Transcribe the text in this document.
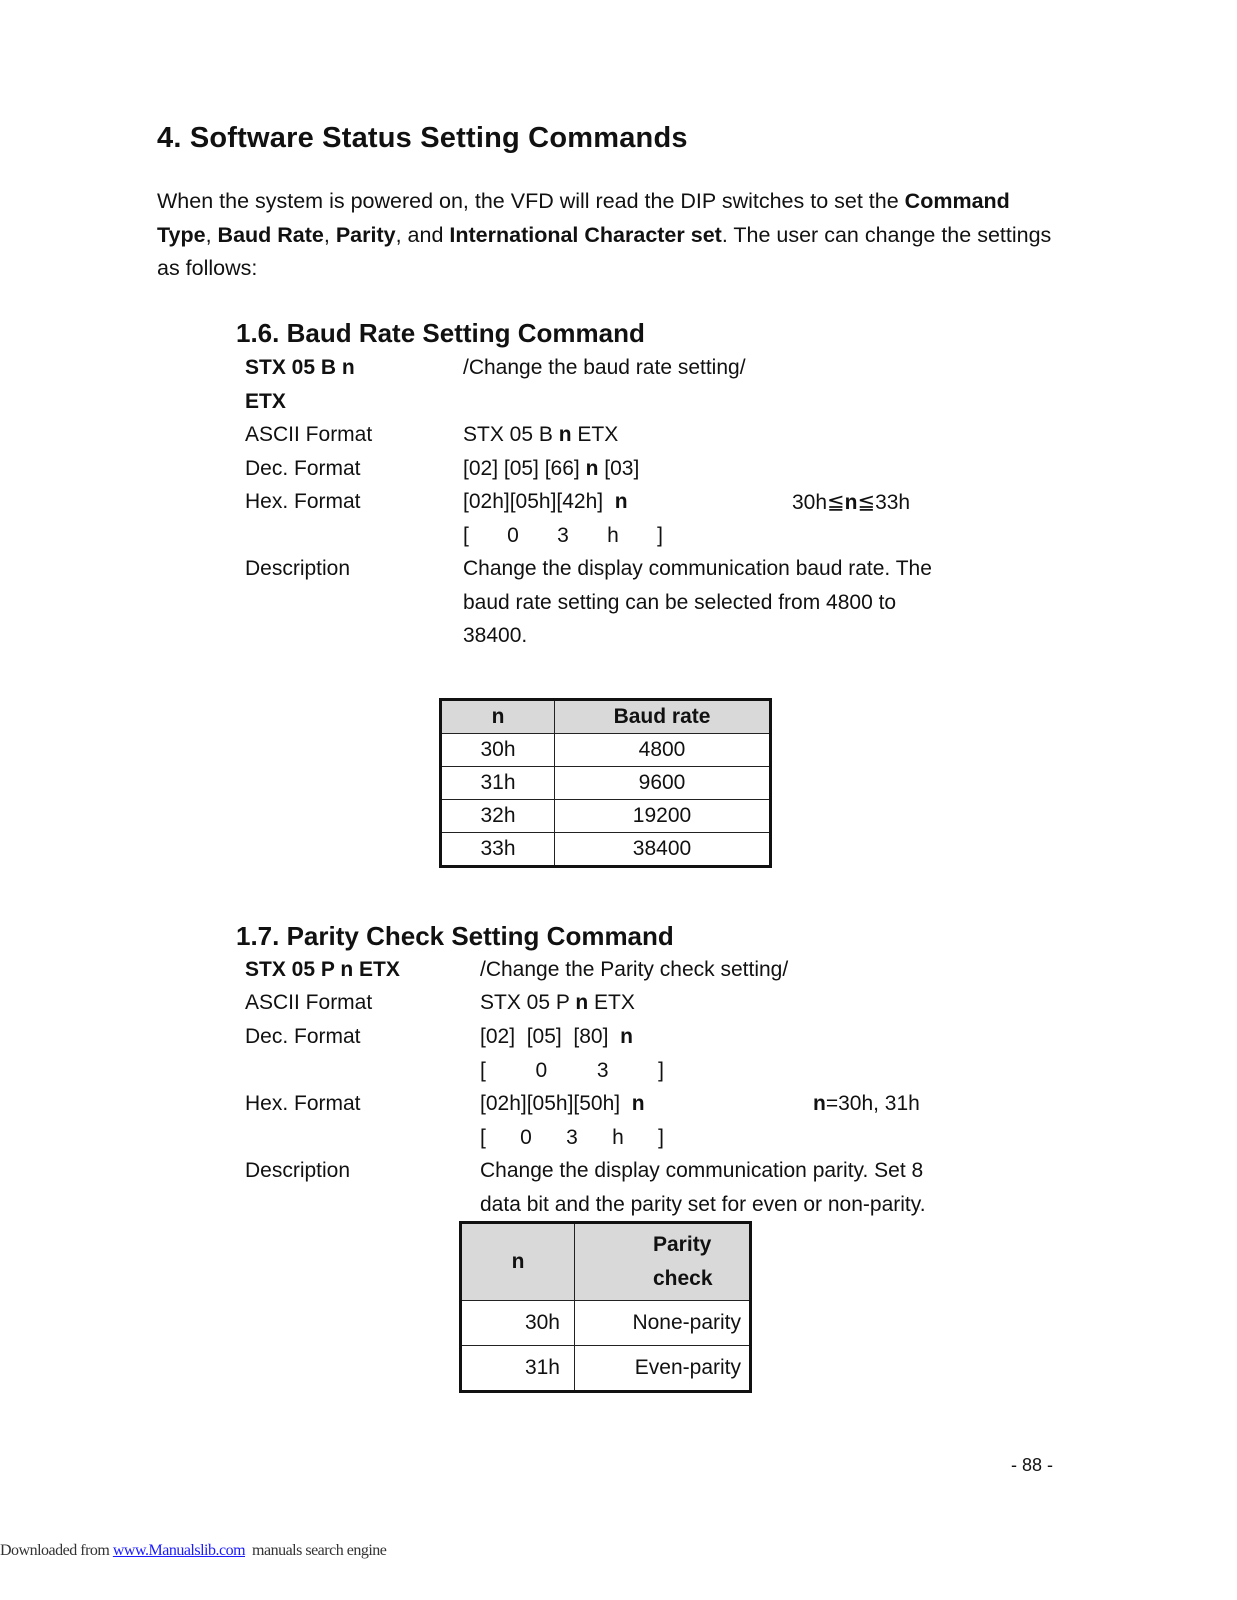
4. Software Status Setting Commands
When the system is powered on, the VFD will read the DIP switches to set the Command Type, Baud Rate, Parity, and International Character set. The user can change the settings as follows:
1.6. Baud Rate Setting Command
STX 05 B n	/Change the baud rate setting/
ETX
ASCII Format	STX 05 B n ETX
Dec. Format	[02] [05] [66] n [03]
Hex. Format	[02h][05h][42h]  n	30h≦n≦33h
[ 0 3 h ]
Description	Change the display communication baud rate. The
baud rate setting can be selected from 4800 to
38400.
n	Baud rate
30h	4800
31h	9600
32h	19200
33h	38400
1.7. Parity Check Setting Command
STX 05 P n ETX	/Change the Parity check setting/
ASCII Format	STX 05 P n ETX
Dec. Format	[02]  [05]  [80]  n
[ 0 3 ]
Hex. Format	[02h][05h][50h]  n	n=30h, 31h
[ 0 3 h ]
Description	Change the display communication parity. Set 8
data bit and the parity set for even or non-parity.
n	Parity
check
30h	None-parity
31h	Even-parity
- 88 -
Downloaded from www.Manualslib.com  manuals search engine
